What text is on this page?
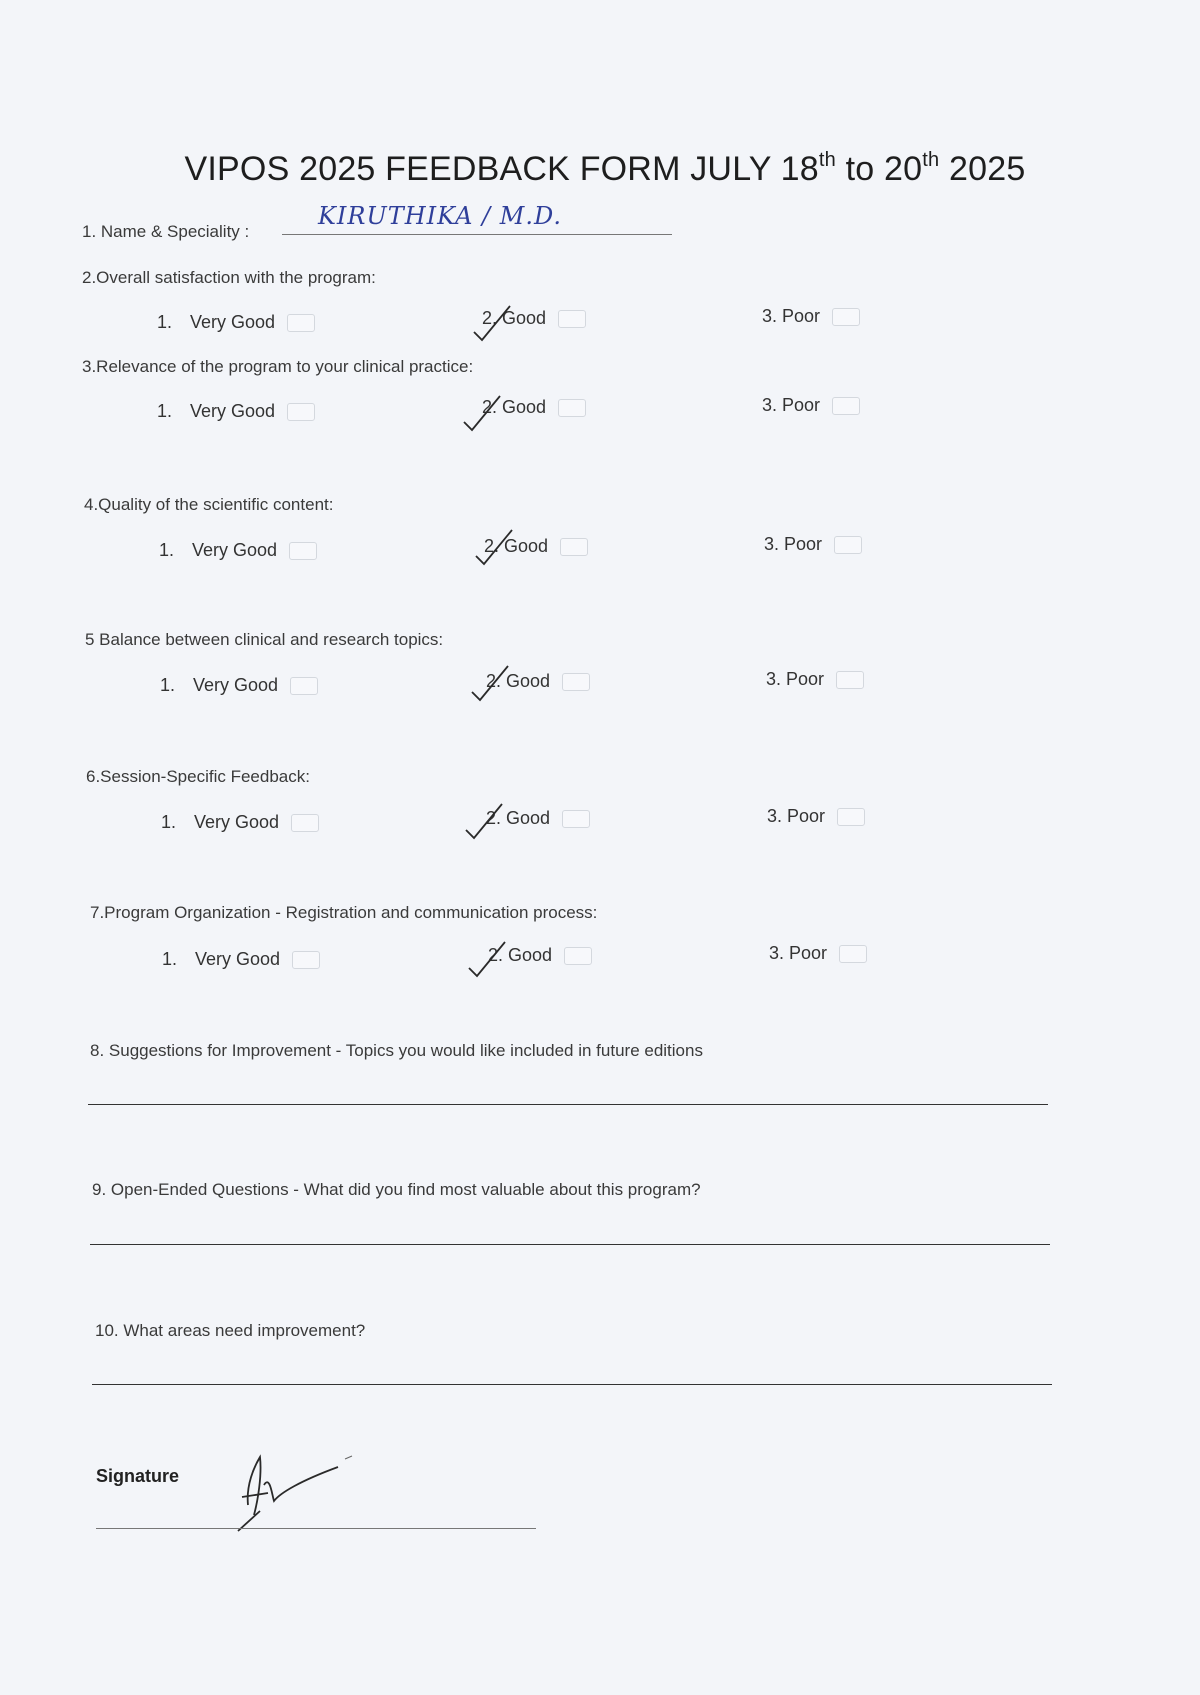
VIPOS 2025 FEEDBACK FORM JULY 18th to 20th 2025
1. Name & Speciality :
KIRUTHIKA / M.D.
2.Overall satisfaction with the program:
1. Very Good	2. Good	3. Poor
3.Relevance of the program to your clinical practice:
1. Very Good	2. Good	3. Poor
4.Quality of the scientific content:
1. Very Good	2. Good	3. Poor
5 Balance between clinical and research topics:
1. Very Good	2. Good	3. Poor
6.Session-Specific Feedback:
1. Very Good	2. Good	3. Poor
7.Program Organization - Registration and communication process:
1. Very Good	2. Good	3. Poor
8. Suggestions for Improvement - Topics you would like included in future editions
9. Open-Ended Questions - What did you find most valuable about this program?
10. What areas need improvement?
Signature
